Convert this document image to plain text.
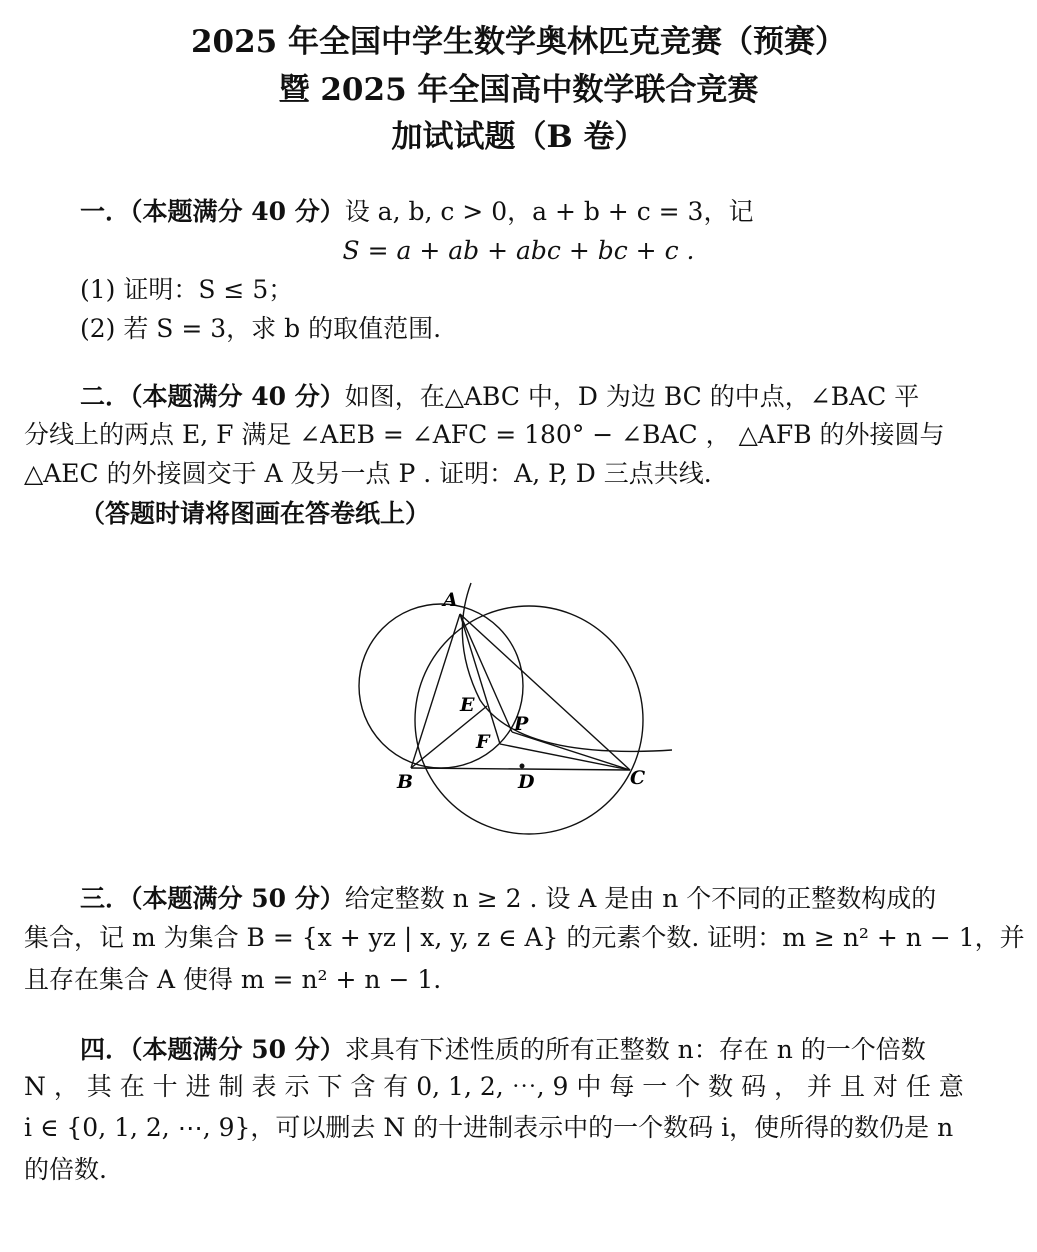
2025 年全国中学生数学奥林匹克竞赛（预赛）
暨 2025 年全国高中数学联合竞赛
加试试题（B 卷）
一．（本题满分 40 分）设 a, b, c > 0，a + b + c = 3，记
S = a + ab + abc + bc + c .
(1) 证明：S ≤ 5；
(2) 若 S = 3，求 b 的取值范围.
二．（本题满分 40 分）如图，在△ABC 中，D 为边 BC 的中点，∠BAC 平
分线上的两点 E, F 满足 ∠AEB = ∠AFC = 180° − ∠BAC ， △AFB 的外接圆与
△AEC 的外接圆交于 A 及另一点 P . 证明：A, P, D 三点共线.
（答题时请将图画在答卷纸上）
A
B	C
D
E
F
P
三．（本题满分 50 分）给定整数 n ≥ 2 . 设 A 是由 n 个不同的正整数构成的
集合，记 m 为集合 B = {x + yz | x, y, z ∈ A} 的元素个数. 证明：m ≥ n² + n − 1，并
且存在集合 A 使得 m = n² + n − 1.
四．（本题满分 50 分）求具有下述性质的所有正整数 n：存在 n 的一个倍数
N ， 其 在 十 进 制 表 示 下 含 有 0, 1, 2, ⋯, 9 中 每 一 个 数 码 ， 并 且 对 任 意
i ∈ {0, 1, 2, ⋯, 9}，可以删去 N 的十进制表示中的一个数码 i，使所得的数仍是 n
的倍数.
